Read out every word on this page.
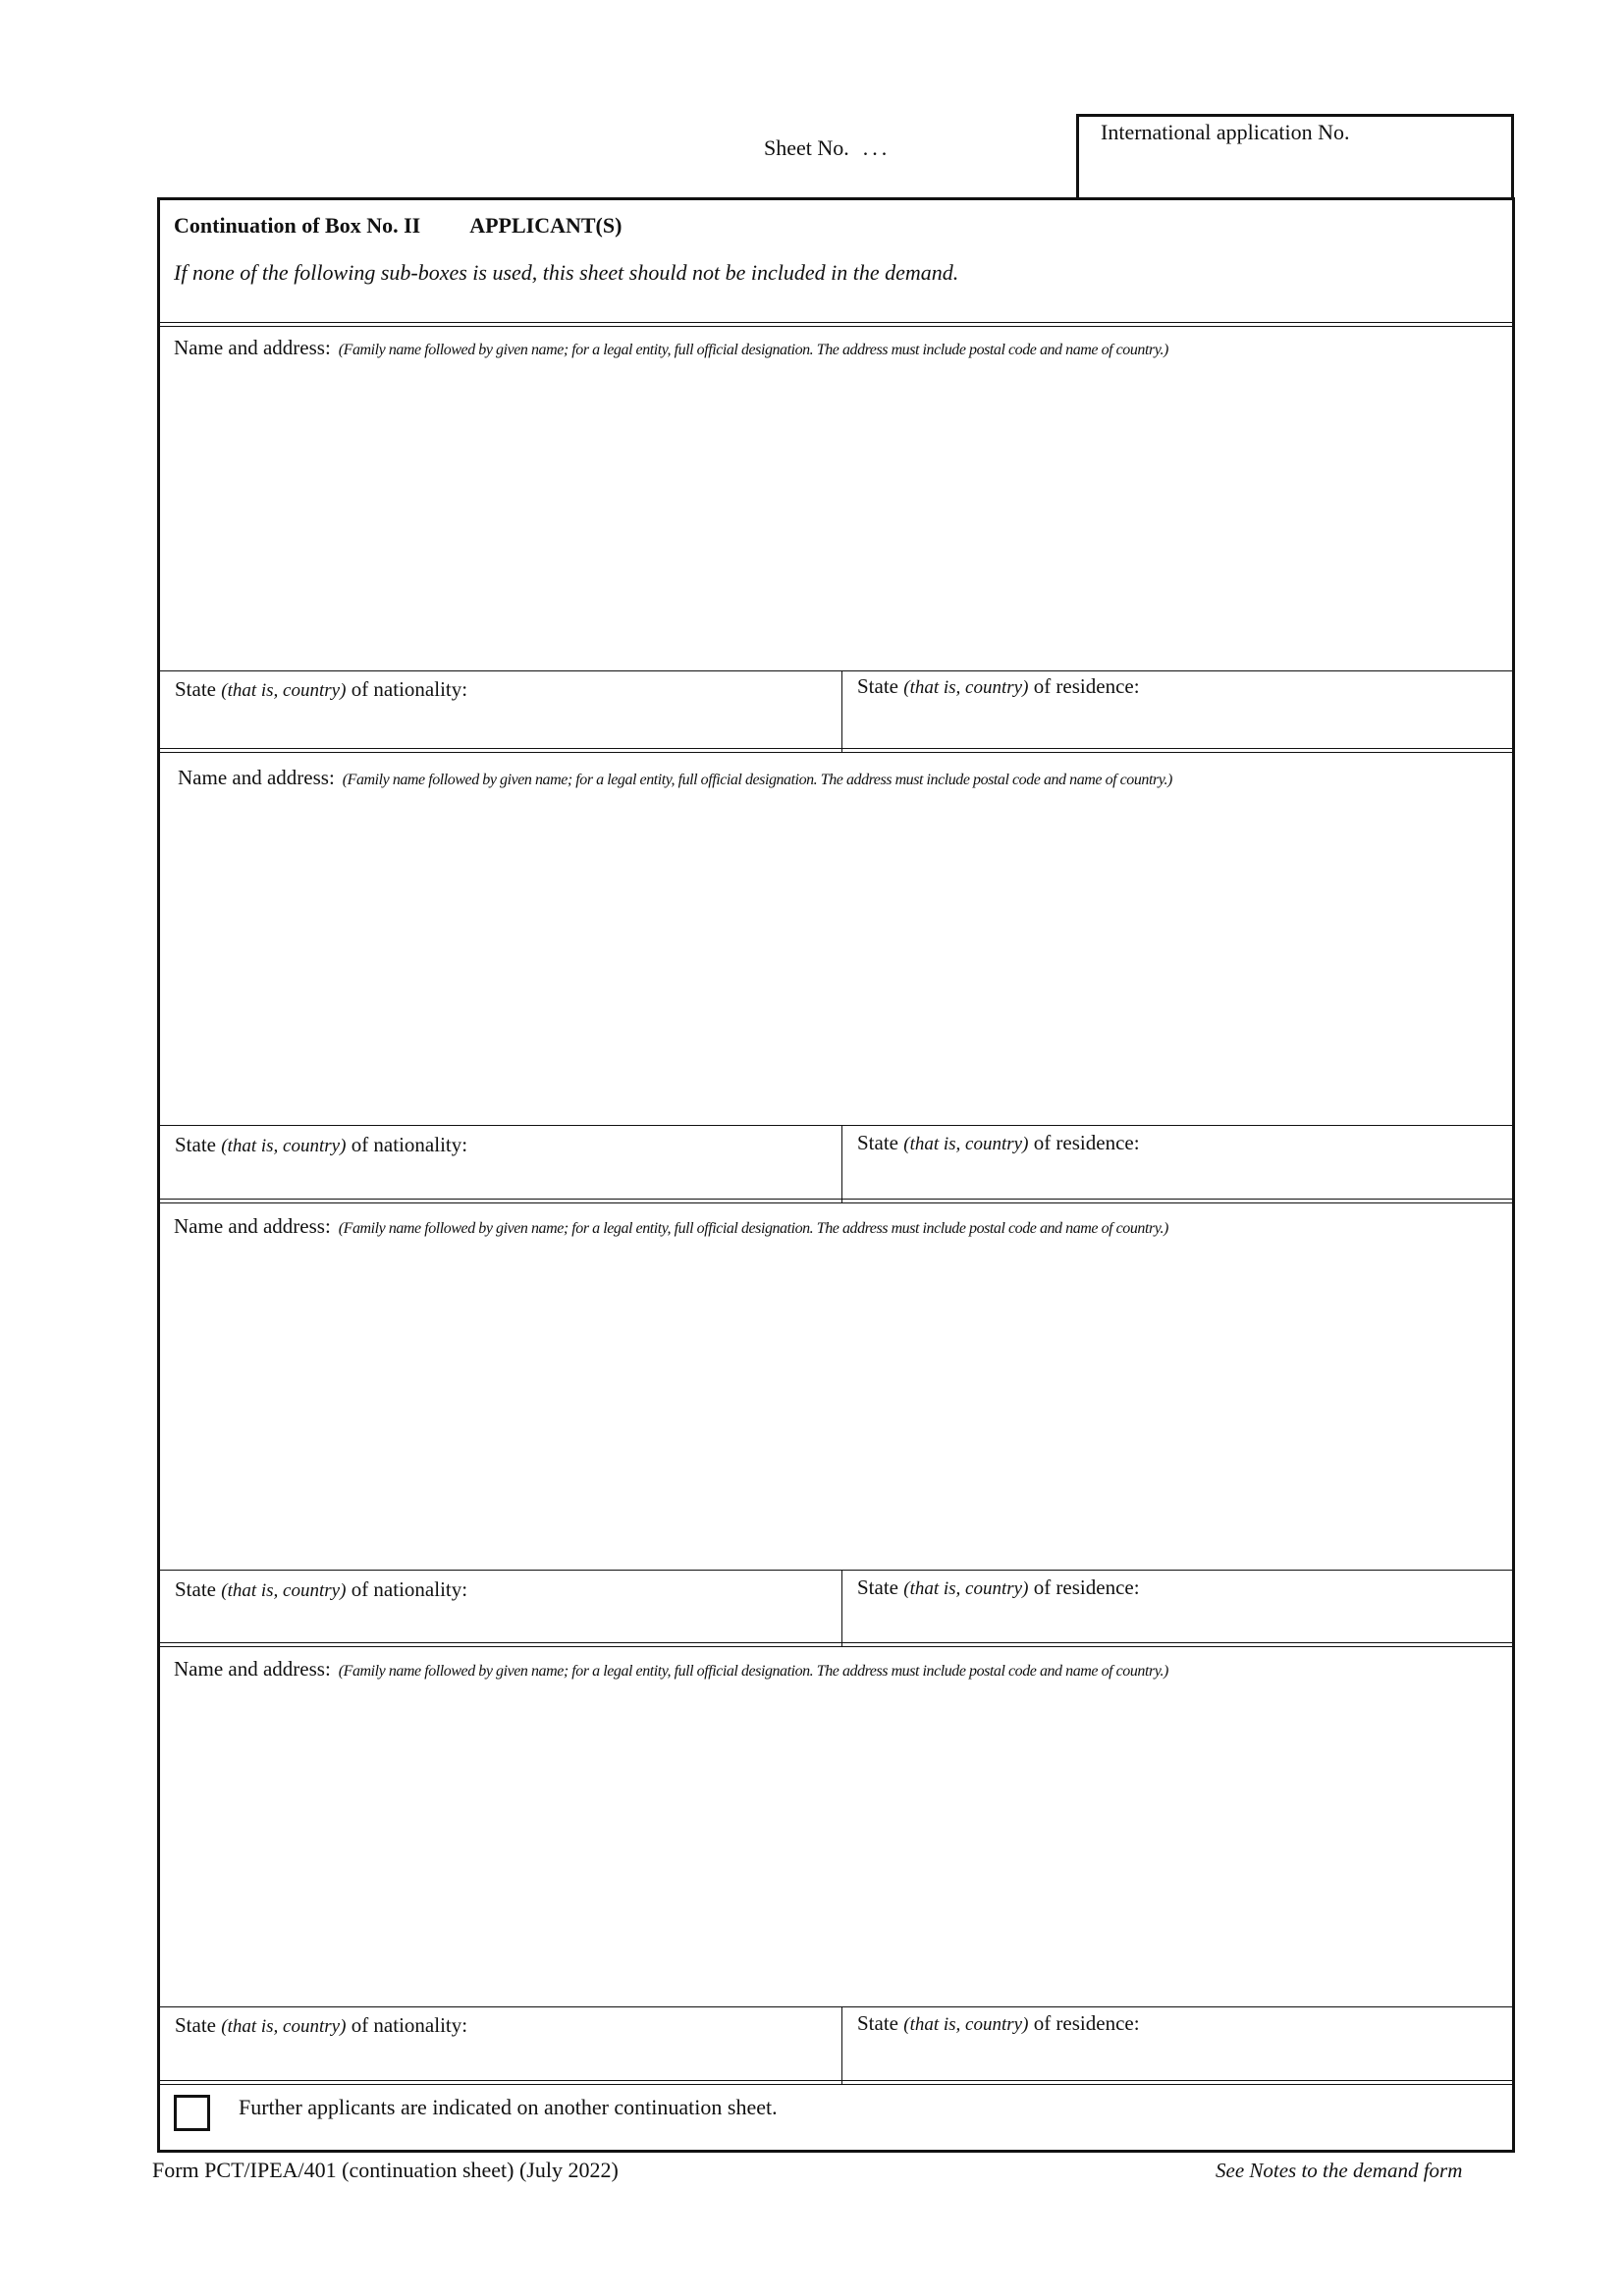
Sheet No. ...
International application No.
Continuation of Box No. II APPLICANT(S)
If none of the following sub-boxes is used, this sheet should not be included in the demand.
Name and address: (Family name followed by given name; for a legal entity, full official designation. The address must include postal code and name of country.)
State (that is, country) of nationality:	State (that is, country) of residence:
Name and address: (Family name followed by given name; for a legal entity, full official designation. The address must include postal code and name of country.)
State (that is, country) of nationality:	State (that is, country) of residence:
Name and address: (Family name followed by given name; for a legal entity, full official designation. The address must include postal code and name of country.)
State (that is, country) of nationality:	State (that is, country) of residence:
Name and address: (Family name followed by given name; for a legal entity, full official designation. The address must include postal code and name of country.)
State (that is, country) of nationality:	State (that is, country) of residence:
Further applicants are indicated on another continuation sheet.
Form PCT/IPEA/401 (continuation sheet) (July 2022)	See Notes to the demand form
